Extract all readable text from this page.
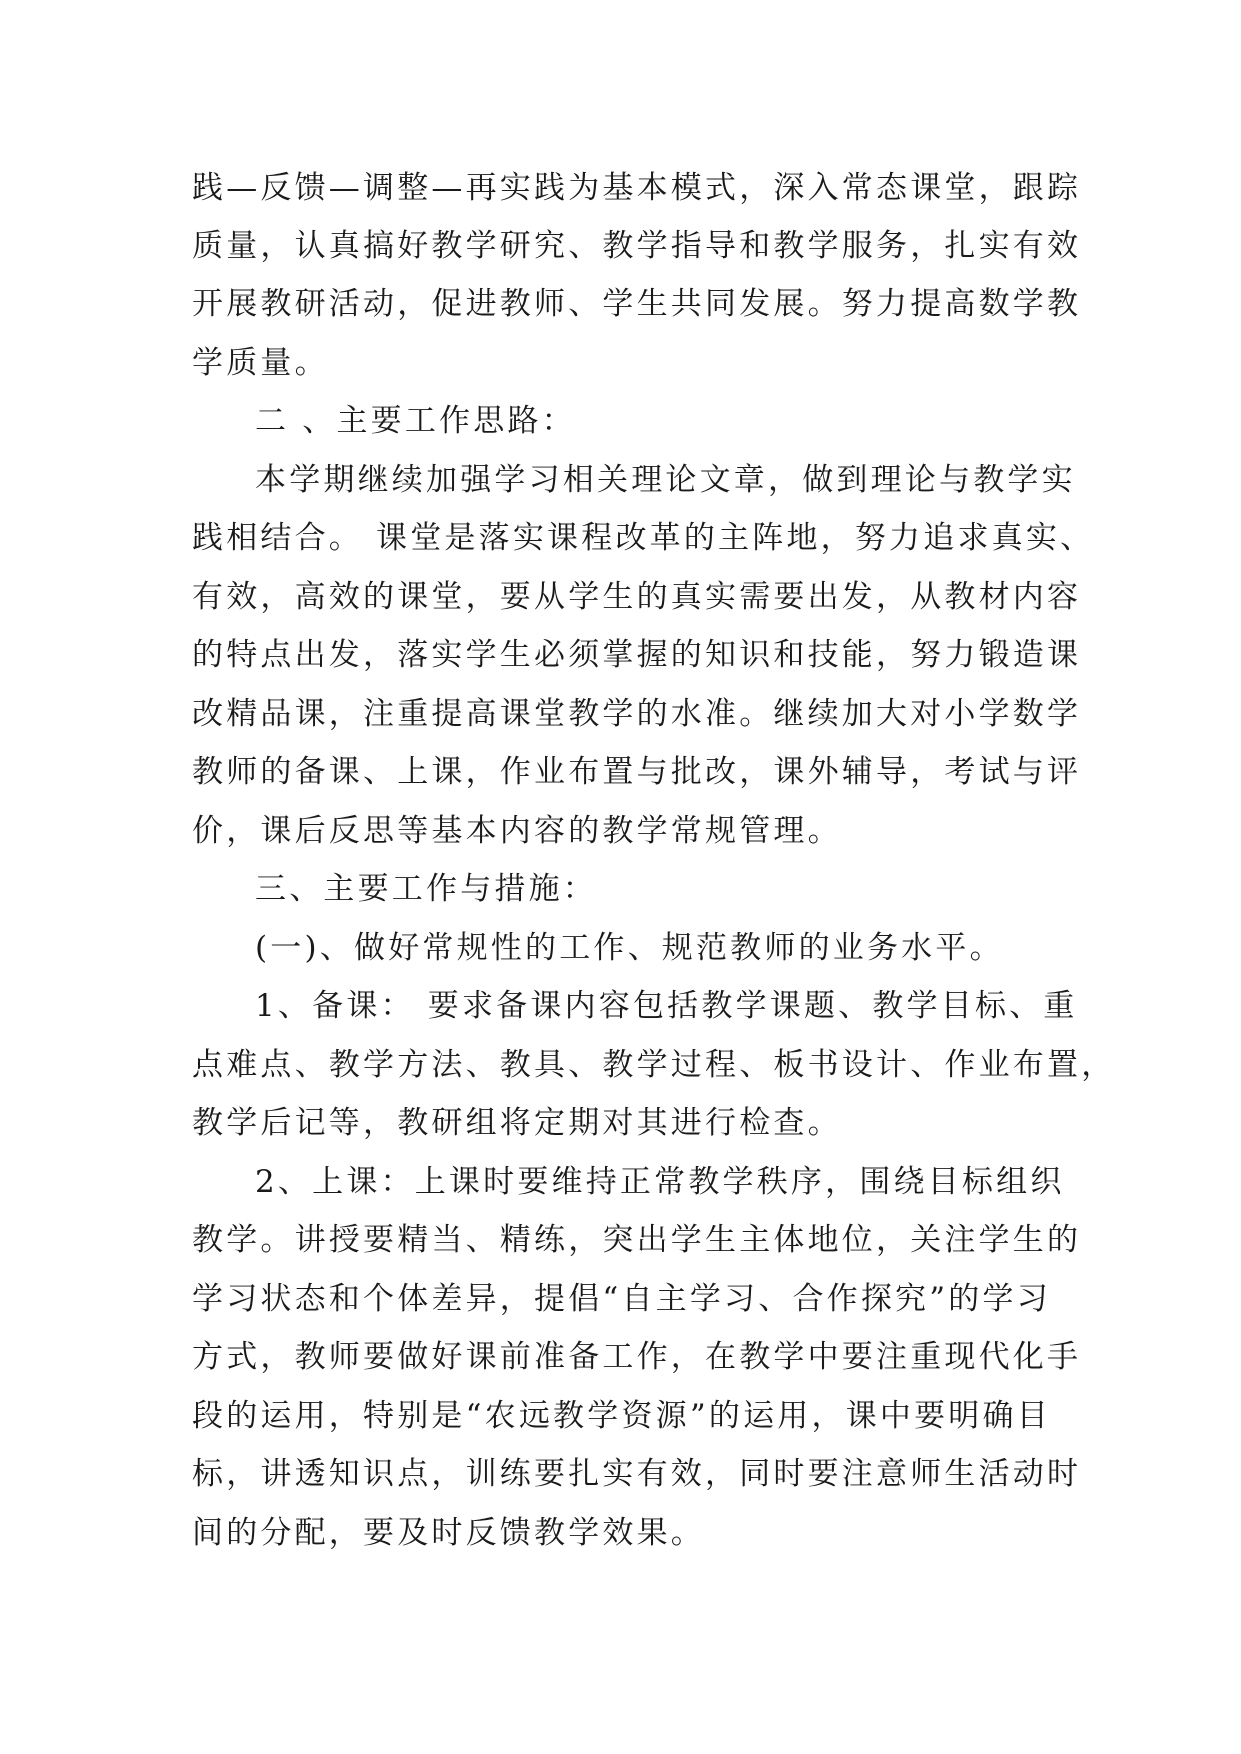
践—反馈—调整—再实践为基本模式，深入常态课堂，跟踪
质量，认真搞好教学研究、教学指导和教学服务，扎实有效
开展教研活动，促进教师、学生共同发展。努力提高数学教
学质量。
二 、主要工作思路：
本学期继续加强学习相关理论文章，做到理论与教学实
践相结合。 课堂是落实课程改革的主阵地，努力追求真实、
有效，高效的课堂，要从学生的真实需要出发，从教材内容
的特点出发，落实学生必须掌握的知识和技能，努力锻造课
改精品课，注重提高课堂教学的水准。继续加大对小学数学
教师的备课、上课，作业布置与批改，课外辅导，考试与评
价，课后反思等基本内容的教学常规管理。
三、主要工作与措施：
(一)、做好常规性的工作、规范教师的业务水平。
1、备课： 要求备课内容包括教学课题、教学目标、重
点难点、教学方法、教具、教学过程、板书设计、作业布置，
教学后记等，教研组将定期对其进行检查。
2、上课：上课时要维持正常教学秩序，围绕目标组织
教学。讲授要精当、精练，突出学生主体地位，关注学生的
学习状态和个体差异，提倡“自主学习、合作探究”的学习
方式，教师要做好课前准备工作，在教学中要注重现代化手
段的运用，特别是“农远教学资源”的运用，课中要明确目
标，讲透知识点，训练要扎实有效，同时要注意师生活动时
间的分配，要及时反馈教学效果。
